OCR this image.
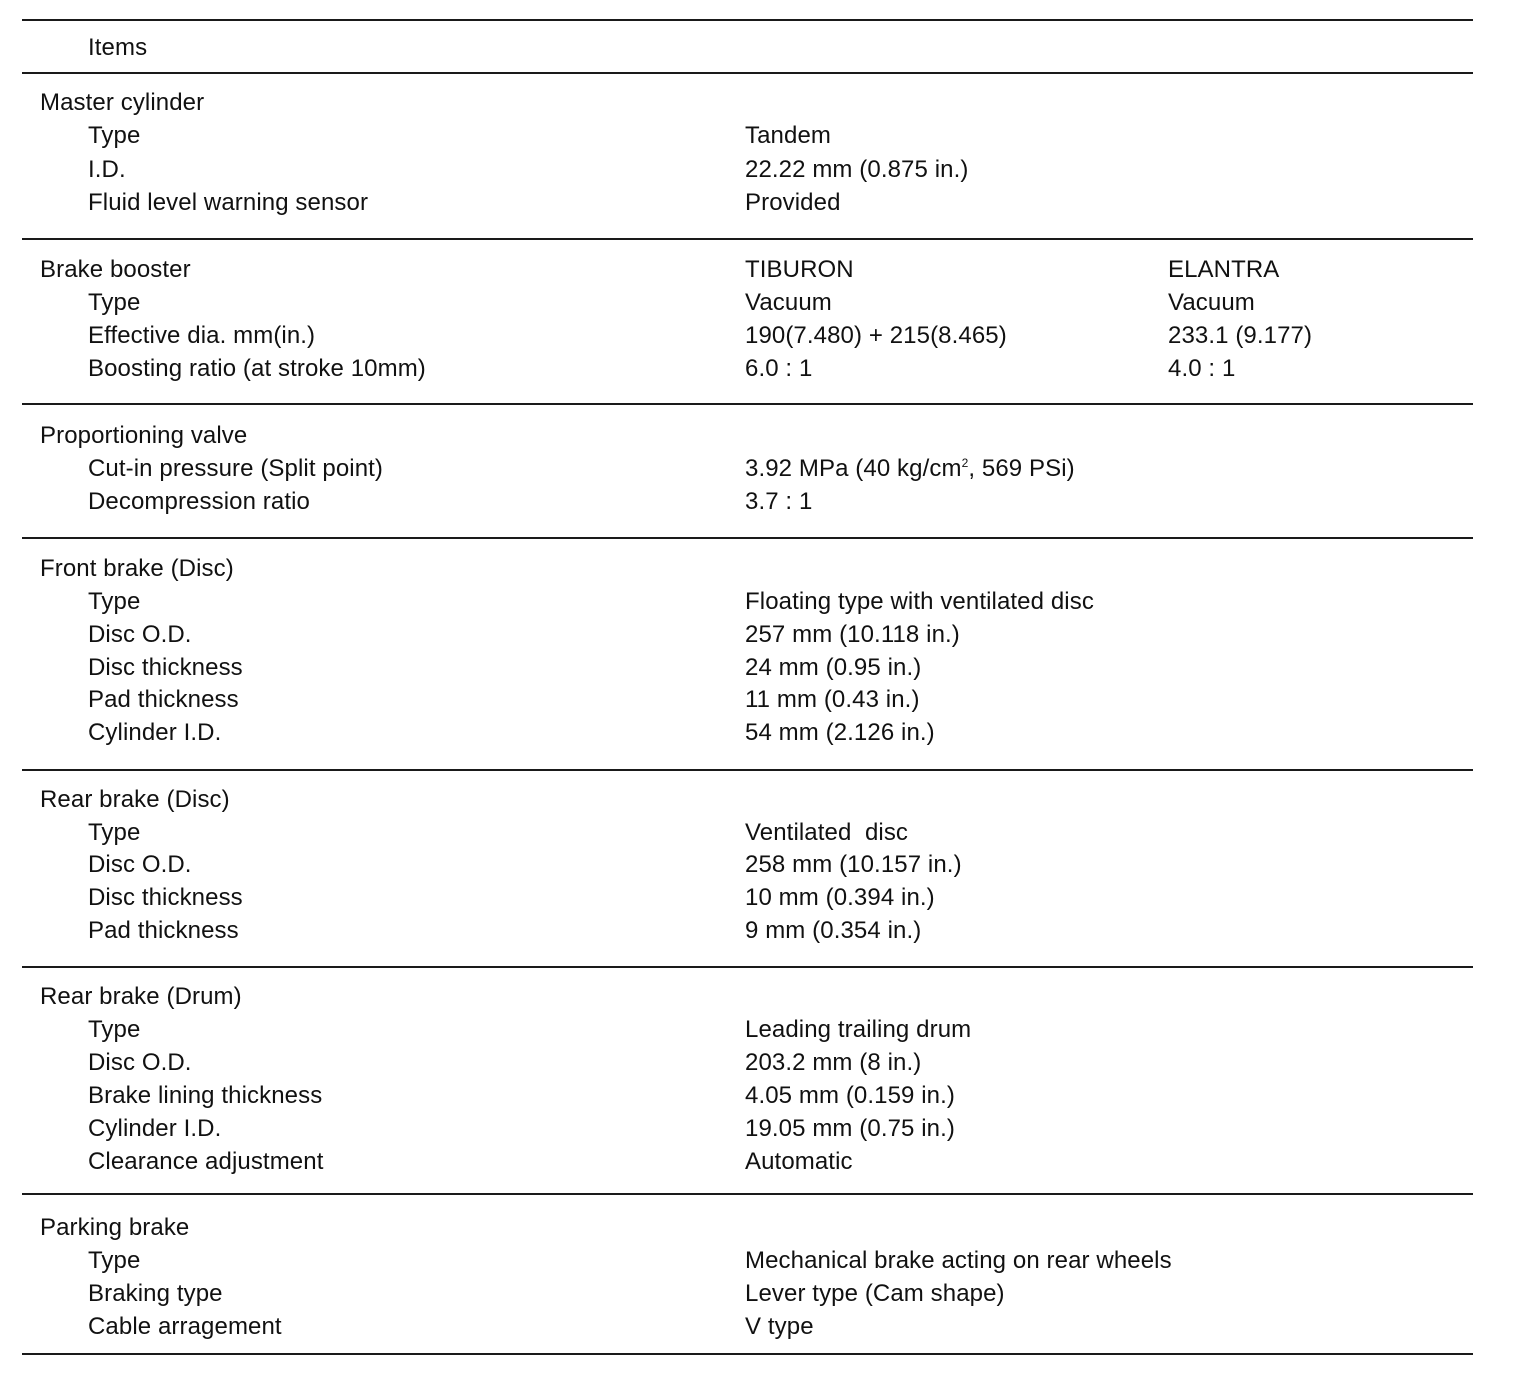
Items
Master cylinder
Type	Tandem
I.D.	22.22 mm (0.875 in.)
Fluid level warning sensor	Provided
Brake booster	TIBURON	ELANTRA
Type	Vacuum	Vacuum
Effective dia. mm(in.)	190(7.480) + 215(8.465)	233.1 (9.177)
Boosting ratio (at stroke 10mm)	6.0 : 1	4.0 : 1
Proportioning valve
Cut-in pressure (Split point)	3.92 MPa (40 $kg/cm^2$, 569 PSi)
Decompression ratio	3.7 : 1
Front brake (Disc)
Type	Floating type with ventilated disc
Disc O.D.	257 mm (10.118 in.)
Disc thickness	24 mm (0.95 in.)
Pad thickness	11 mm (0.43 in.)
Cylinder I.D.	54 mm (2.126 in.)
Rear brake (Disc)
Type	Ventilated  disc
Disc O.D.	258 mm (10.157 in.)
Disc thickness	10 mm (0.394 in.)
Pad thickness	9 mm (0.354 in.)
Rear brake (Drum)
Type	Leading trailing drum
Disc O.D.	203.2 mm (8 in.)
Brake lining thickness	4.05 mm (0.159 in.)
Cylinder I.D.	19.05 mm (0.75 in.)
Clearance adjustment	Automatic
Parking brake
Type	Mechanical brake acting on rear wheels
Braking type	Lever type (Cam shape)
Cable arragement	V type
